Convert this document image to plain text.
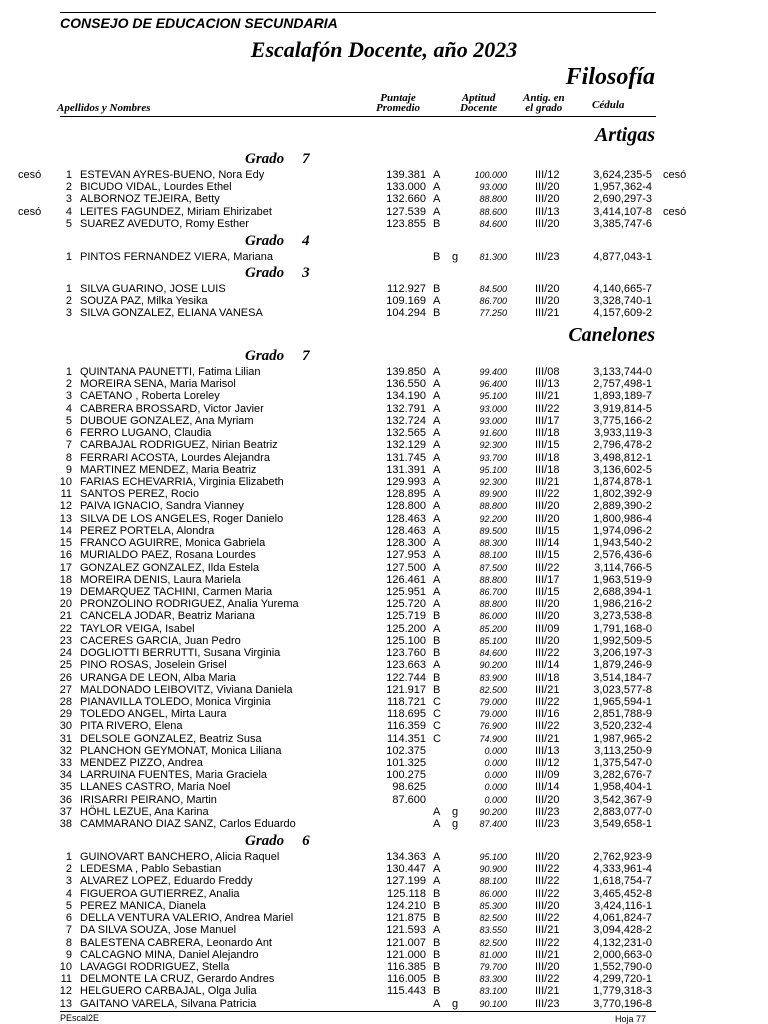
CONSEJO DE EDUCACION SECUNDARIA
Escalafón Docente, año 2023
Filosofía
Apellidos y Nombres
Puntaje
Promedio
Aptitud
Docente
Antig. en
el grado	Cédula
Artigas
Grado 7
cesó	1 ESTEVAN AYRES-BUENO, Nora Edy	139.381 A	100.000	III/12	3,624,235-5 cesó
2 BICUDO VIDAL, Lourdes Ethel	133.000 A	93.000	III/20	1,957,362-4
3 ALBORNOZ TEJEIRA, Betty	132.660 A	88.800	III/20	2,690,297-3
cesó	4 LEITES FAGUNDEZ, Miriam Ehirizabet	127.539 A	88.600	III/13	3,414,107-8 cesó
5 SUAREZ AVEDUTO, Romy Esther	123.855 B	84.600	III/20	3,385,747-6
Grado 4
1 PINTOS FERNANDEZ VIERA, Mariana	B g	81.300	III/23	4,877,043-1
Grado 3
1 SILVA GUARINO, JOSE LUIS	112.927 B	84.500	III/20	4,140,665-7
2 SOUZA PAZ, Milka Yesika	109.169 A	86.700	III/20	3,328,740-1
3 SILVA GONZALEZ, ELIANA VANESA	104.294 B	77.250	III/21	4,157,609-2
Canelones
Grado 7
1 QUINTANA PAUNETTI, Fatima Lilian	139.850 A	99.400	III/08	3,133,744-0
2 MOREIRA SENA, Maria Marisol	136.550 A	96.400	III/13	2,757,498-1
3 CAETANO , Roberta Loreley	134.190 A	95.100	III/21	1,893,189-7
4 CABRERA BROSSARD, Victor Javier	132.791 A	93.000	III/22	3,919,814-5
5 DUBOUE GONZALEZ, Ana Myriam	132.724 A	93.000	III/17	3,775,166-2
6 FERRO LUGANO, Claudia	132.565 A	91.600	III/18	3,933,119-3
7 CARBAJAL RODRIGUEZ, Nirian Beatriz	132.129 A	92.300	III/15	2,796,478-2
8 FERRARI ACOSTA, Lourdes Alejandra	131.745 A	93.700	III/18	3,498,812-1
9 MARTINEZ MENDEZ, Maria Beatriz	131.391 A	95.100	III/18	3,136,602-5
10 FARIAS ECHEVARRIA, Virginia Elizabeth	129.993 A	92.300	III/21	1,874,878-1
11 SANTOS PEREZ, Rocio	128.895 A	89.900	III/22	1,802,392-9
12 PAIVA IGNACIO, Sandra Vianney	128.800 A	88.800	III/20	2,889,390-2
13 SILVA DE LOS ANGELES, Roger Danielo	128.463 A	92.200	III/20	1,800,986-4
14 PEREZ PORTELA, Alondra	128.463 A	89.500	III/15	1,974,096-2
15 FRANCO AGUIRRE, Monica Gabriela	128.300 A	88.300	III/14	1,943,540-2
16 MURIALDO PAEZ, Rosana Lourdes	127.953 A	88.100	III/15	2,576,436-6
17 GONZALEZ GONZALEZ, Ilda Estela	127.500 A	87.500	III/22	3,114,766-5
18 MOREIRA DENIS, Laura Mariela	126.461 A	88.800	III/17	1,963,519-9
19 DEMARQUEZ TACHINI, Carmen Maria	125.951 A	86.700	III/15	2,688,394-1
20 PRONZOLINO RODRIGUEZ, Analia Yurema	125.720 A	88.800	III/20	1,986,216-2
21 CANCELA JODAR, Beatriz Mariana	125.719 B	86.000	III/20	3,273,538-8
22 TAYLOR VEIGA, Isabel	125.200 A	85.200	III/09	1,791,168-0
23 CACERES GARCIA, Juan Pedro	125.100 B	85.100	III/20	1,992,509-5
24 DOGLIOTTI BERRUTTI, Susana Virginia	123.760 B	84.600	III/22	3,206,197-3
25 PINO ROSAS, Joselein Grisel	123.663 A	90.200	III/14	1,879,246-9
26 URANGA DE LEON, Alba Maria	122.744 B	83.900	III/18	3,514,184-7
27 MALDONADO LEIBOVITZ, Viviana Daniela	121.917 B	82.500	III/21	3,023,577-8
28 PIANAVILLA TOLEDO, Monica Virginia	118.721 C	79.000	III/22	1,965,594-1
29 TOLEDO ANGEL, Mirta Laura	118.695 C	79.000	III/16	2,851,788-9
30 PITA RIVERO, Elena	116.359 C	76.900	III/22	3,520,232-4
31 DELSOLE GONZALEZ, Beatriz Susa	114.351 C	74.900	III/21	1,987,965-2
32 PLANCHON GEYMONAT, Monica Liliana	102.375	0.000	III/13	3,113,250-9
33 MENDEZ PIZZO, Andrea	101.325	0.000	III/12	1,375,547-0
34 LARRUINA FUENTES, Maria Graciela	100.275	0.000	III/09	3,282,676-7
35 LLANES CASTRO, Maria Noel	98.625	0.000	III/14	1,958,404-1
36 IRISARRI PEIRANO, Martin	87.600	0.000	III/20	3,542,367-9
37 HÖHL LEZUE, Ana Karina	A g	90.200	III/23	2,883,077-0
38 CAMMARANO DIAZ SANZ, Carlos Eduardo	A g	87.400	III/23	3,549,658-1
Grado 6
1 GUINOVART BANCHERO, Alicia Raquel	134.363 A	95.100	III/20	2,762,923-9
2 LEDESMA , Pablo Sebastian	130.447 A	90.900	III/22	4,333,961-4
3 ALVAREZ LOPEZ, Eduardo Freddy	127.199 A	88.100	III/22	1,618,754-7
4 FIGUEROA GUTIERREZ, Analia	125.118 B	86.000	III/22	3,465,452-8
5 PEREZ MANICA, Dianela	124.210 B	85.300	III/20	3,424,116-1
6 DELLA VENTURA VALERIO, Andrea Mariel	121.875 B	82.500	III/22	4,061,824-7
7 DA SILVA SOUZA, Jose Manuel	121.593 A	83.550	III/21	3,094,428-2
8 BALESTENA CABRERA, Leonardo Ant	121.007 B	82.500	III/22	4,132,231-0
9 CALCAGNO MINA, Daniel Alejandro	121.000 B	81.000	III/21	2,000,663-0
10 LAVAGGI RODRIGUEZ, Stella	116.385 B	79.700	III/20	1,552,790-0
11 DELMONTE LA CRUZ, Gerardo Andres	116.005 B	83.300	III/22	4,299,720-1
12 HELGUERO CARBAJAL, Olga Julia	115.443 B	83.100	III/21	1,779,318-3
13 GAITANO VARELA, Silvana Patricia	A g	90.100	III/23	3,770,196-8
PEscal2E	Hoja 77
